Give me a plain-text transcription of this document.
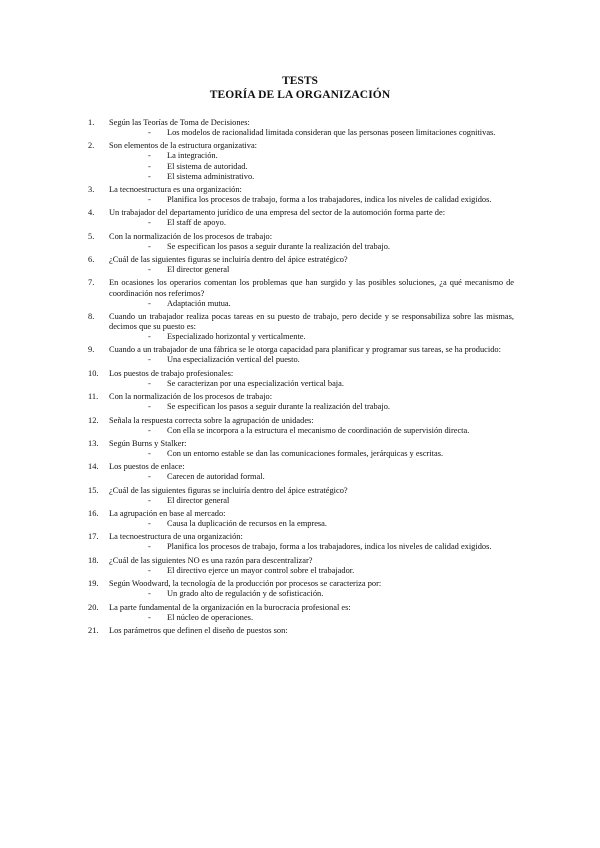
TESTS
TEORÍA DE LA ORGANIZACIÓN
1. Según las Teorías de Toma de Decisiones:
- Los modelos de racionalidad limitada consideran que las personas poseen limitaciones cognitivas.
2. Son elementos de la estructura organizativa:
- La integración.
- El sistema de autoridad.
- El sistema administrativo.
3. La tecnoestructura es una organización:
- Planifica los procesos de trabajo, forma a los trabajadores, indica los niveles de calidad exigidos.
4. Un trabajador del departamento jurídico de una empresa del sector de la automoción forma parte de:
- El staff de apoyo.
5. Con la normalización de los procesos de trabajo:
- Se especifican los pasos a seguir durante la realización del trabajo.
6. ¿Cuál de las siguientes figuras se incluiría dentro del ápice estratégico?
- El director general
7. En ocasiones los operarios comentan los problemas que han surgido y las posibles soluciones, ¿a qué mecanismo de coordinación nos referimos?
- Adaptación mutua.
8. Cuando un trabajador realiza pocas tareas en su puesto de trabajo, pero decide y se responsabiliza sobre las mismas, decimos que su puesto es:
- Especializado horizontal y verticalmente.
9. Cuando a un trabajador de una fábrica se le otorga capacidad para planificar y programar sus tareas, se ha producido:
- Una especialización vertical del puesto.
10. Los puestos de trabajo profesionales:
- Se caracterizan por una especialización vertical baja.
11. Con la normalización de los procesos de trabajo:
- Se especifican los pasos a seguir durante la realización del trabajo.
12. Señala la respuesta correcta sobre la agrupación de unidades:
- Con ella se incorpora a la estructura el mecanismo de coordinación de supervisión directa.
13. Según Burns y Stalker:
- Con un entorno estable se dan las comunicaciones formales, jerárquicas y escritas.
14. Los puestos de enlace:
- Carecen de autoridad formal.
15. ¿Cuál de las siguientes figuras se incluiría dentro del ápice estratégico?
- El director general
16. La agrupación en base al mercado:
- Causa la duplicación de recursos en la empresa.
17. La tecnoestructura de una organización:
- Planifica los procesos de trabajo, forma a los trabajadores, indica los niveles de calidad exigidos.
18. ¿Cuál de las siguientes NO es una razón para descentralizar?
- El directivo ejerce un mayor control sobre el trabajador.
19. Según Woodward, la tecnología de la producción por procesos se caracteriza por:
- Un grado alto de regulación y de sofisticación.
20. La parte fundamental de la organización en la burocracia profesional es:
- El núcleo de operaciones.
21. Los parámetros que definen el diseño de puestos son:
